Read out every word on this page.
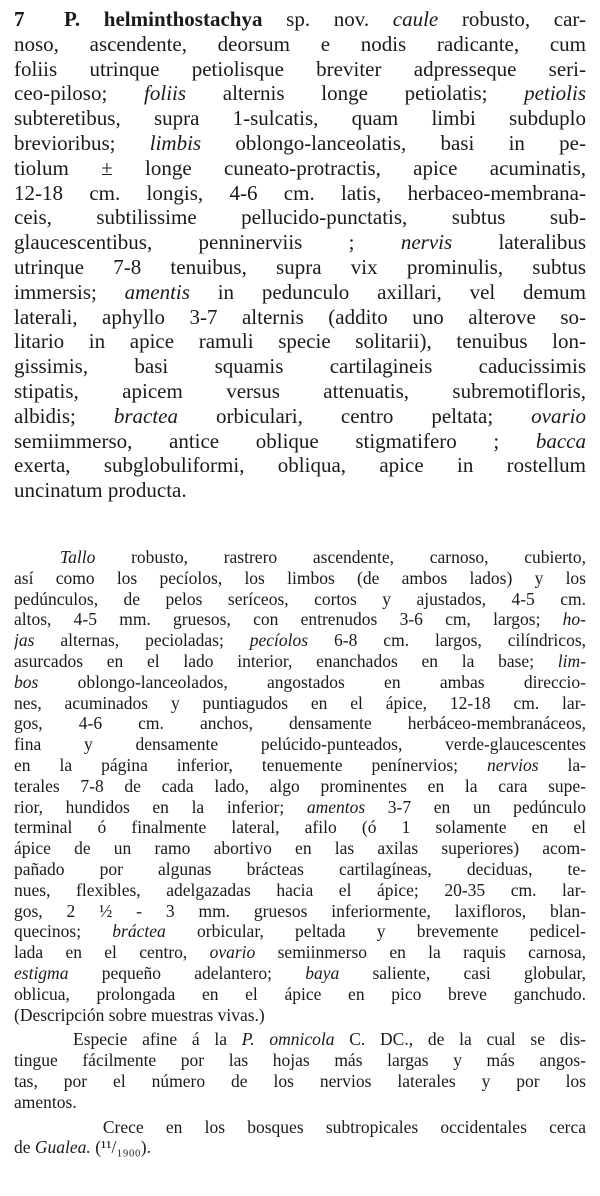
7 P. helminthostachya sp. nov. caule robusto, car-
noso, ascendente, deorsum e nodis radicante, cum
foliis utrinque petiolisque breviter adpresseque seri-
ceo-piloso; foliis alternis longe petiolatis; petiolis
subteretibus, supra 1-sulcatis, quam limbi subduplo
brevioribus; limbis oblongo-lanceolatis, basi in pe-
tiolum ± longe cuneato-protractis, apice acuminatis,
12-18 cm. longis, 4-6 cm. latis, herbaceo-membrana-
ceis, subtilissime pellucido-punctatis, subtus sub-
glaucescentibus, penninerviis ; nervis lateralibus
utrinque 7-8 tenuibus, supra vix prominulis, subtus
immersis; amentis in pedunculo axillari, vel demum
laterali, aphyllo 3-7 alternis (addito uno alterove so-
litario in apice ramuli specie solitarii), tenuibus lon-
gissimis, basi squamis cartilagineis caducissimis
stipatis, apicem versus attenuatis, subremotifloris,
albidis; bractea orbiculari, centro peltata; ovario
semiimmerso, antice oblique stigmatifero ; bacca
exerta, subglobuliformi, obliqua, apice in rostellum
uncinatum producta.
Tallo robusto, rastrero ascendente, carnoso, cubierto,
así como los pecíolos, los limbos (de ambos lados) y los
pedúnculos, de pelos seríceos, cortos y ajustados, 4-5 cm.
altos, 4-5 mm. gruesos, con entrenudos 3-6 cm, largos; ho-
jas alternas, pecioladas; pecíolos 6-8 cm. largos, cilíndricos,
asurcados en el lado interior, enanchados en la base; lim-
bos oblongo-lanceolados, angostados en ambas direccio-
nes, acuminados y puntiagudos en el ápice, 12-18 cm. lar-
gos, 4-6 cm. anchos, densamente herbáceo-membranáceos,
fina y densamente pelúcido-punteados, verde-glaucescentes
en la página inferior, tenuemente penínervios; nervios la-
terales 7-8 de cada lado, algo prominentes en la cara supe-
rior, hundidos en la inferior; amentos 3-7 en un pedúnculo
terminal ó finalmente lateral, afilo (ó 1 solamente en el
ápice de un ramo abortivo en las axilas superiores) acom-
pañado por algunas brácteas cartilagíneas, deciduas, te-
nues, flexibles, adelgazadas hacia el ápice; 20-35 cm. lar-
gos, 2 ½ - 3 mm. gruesos inferiormente, laxifloros, blan-
quecinos; bráctea orbicular, peltada y brevemente pedicel-
lada en el centro, ovario semiinmerso en la raquis carnosa,
estigma pequeño adelantero; baya saliente, casi globular,
oblicua, prolongada en el ápice en pico breve ganchudo.
(Descripción sobre muestras vivas.)
Especie afine á la P. omnicola C. DC., de la cual se dis-
tingue fácilmente por las hojas más largas y más angos-
tas, por el número de los nervios laterales y por los
amentos.
Crece en los bosques subtropicales occidentales cerca
de Gualea. (¹¹/₁₉₀₀).
